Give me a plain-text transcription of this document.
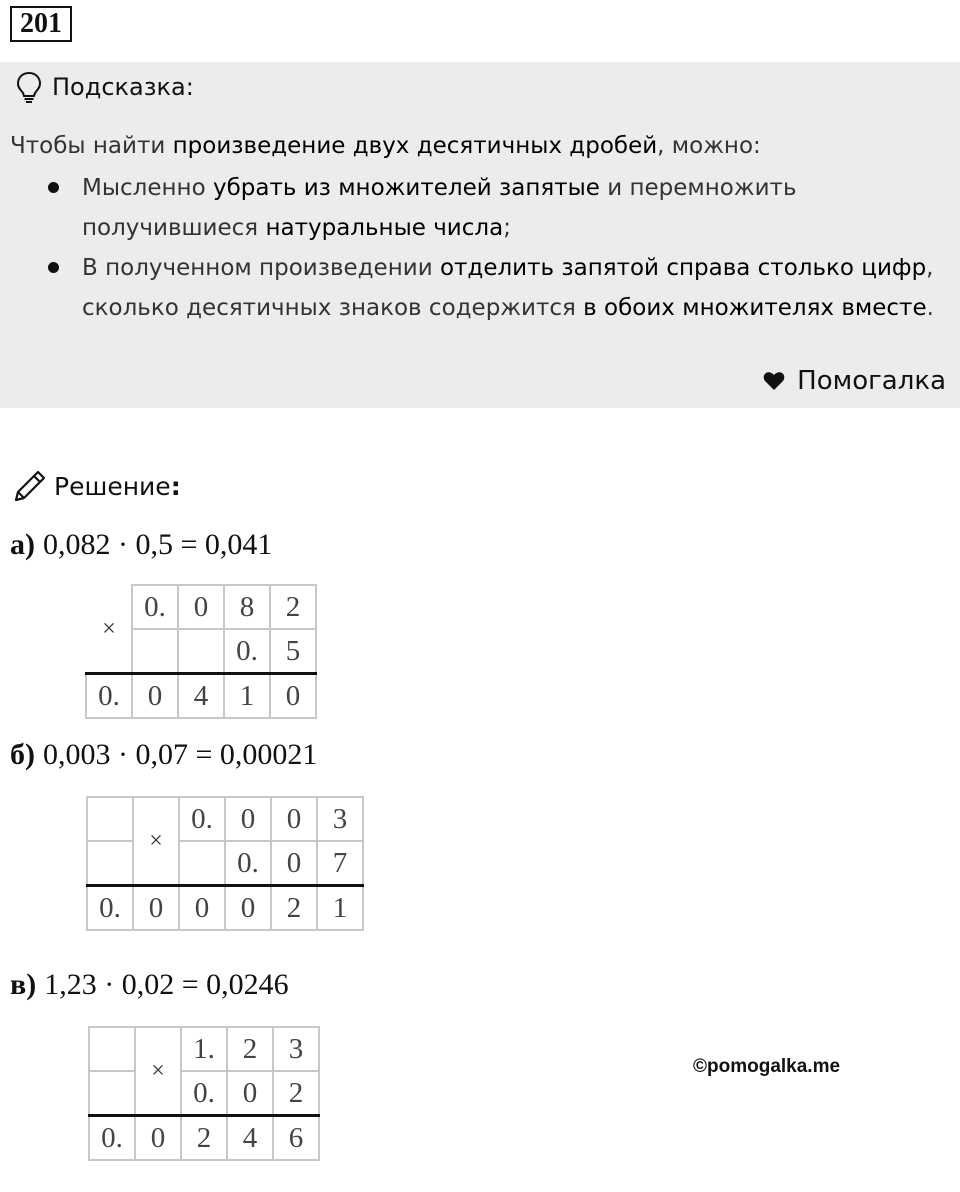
201
Подсказка:
Чтобы найти произведение двух десятичных дробей, можно:
Мысленно убрать из множителей запятые и перемножить получившиеся натуральные числа;
В полученном произведении отделить запятой справа столько цифр, сколько десятичных знаков содержится в обоих множителях вместе.
Помогалка
Решение :
а) 0,082 · 0,5 = 0,041
×	0.	0	8	2
			0.	5
0.	0	4	1	0
б) 0,003 · 0,07 = 0,00021
	×	0.	0	0	3
			0.	0	7
0.	0	0	0	2	1
в) 1,23 · 0,02 = 0,0246
	×	1.	2	3
		0.	0	2
0.	0	2	4	6
©pomogalka.me
